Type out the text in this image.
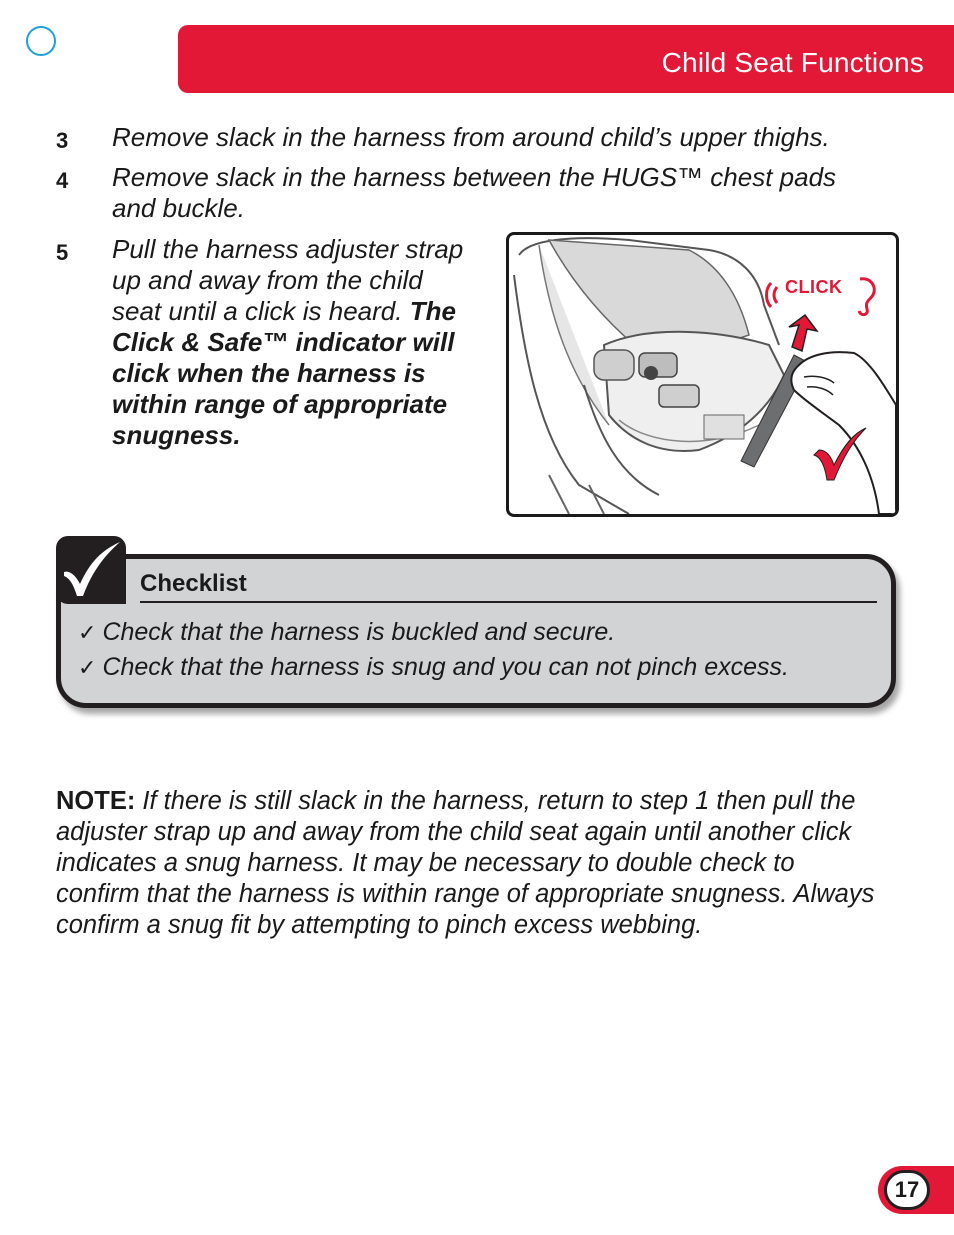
Child Seat Functions
3 Remove slack in the harness from around child’s upper thighs.
4 Remove slack in the harness between the HUGS™ chest pads
and buckle.
5 Pull the harness adjuster strap
up and away from the child
seat until a click is heard. The
Click & Safe™ indicator will
click when the harness is
within range of appropriate
snugness.
CLICK
Checklist
✓ Check that the harness is buckled and secure.
✓ Check that the harness is snug and you can not pinch excess.
NOTE: If there is still slack in the harness, return to step 1 then pull the adjuster strap up and away from the child seat again until another click indicates a snug harness. It may be necessary to double check to confirm that the harness is within range of appropriate snugness. Always confirm a snug fit by attempting to pinch excess webbing.
17
